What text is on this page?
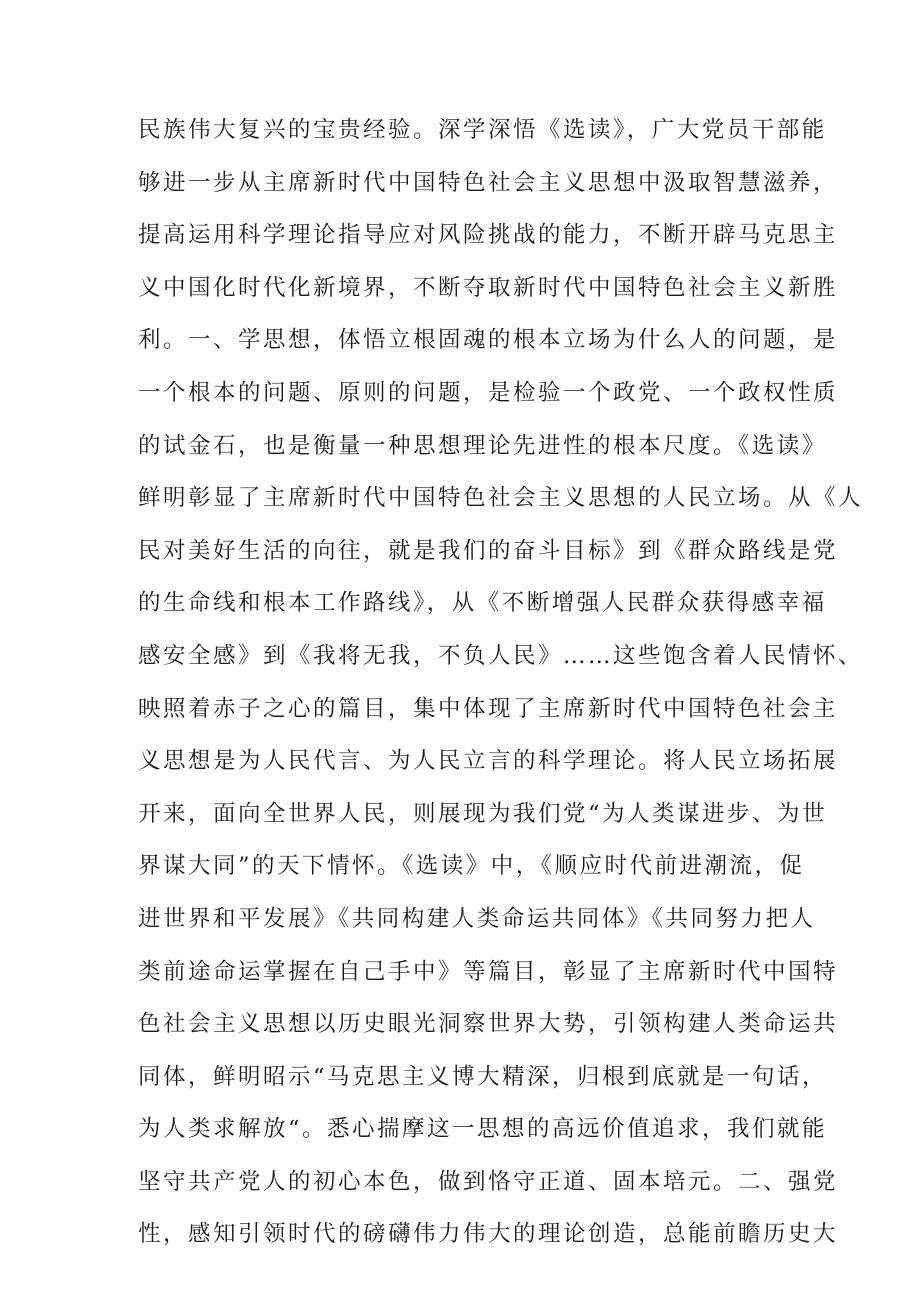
民族伟大复兴的宝贵经验。深学深悟《选读》，广大党员干部能
够进一步从主席新时代中国特色社会主义思想中汲取智慧滋养，
提高运用科学理论指导应对风险挑战的能力，不断开辟马克思主
义中国化时代化新境界，不断夺取新时代中国特色社会主义新胜
利。一、学思想，体悟立根固魂的根本立场为什么人的问题，是
一个根本的问题、原则的问题，是检验一个政党、一个政权性质
的试金石，也是衡量一种思想理论先进性的根本尺度。《选读》
鲜明彰显了主席新时代中国特色社会主义思想的人民立场。从《人
民对美好生活的向往，就是我们的奋斗目标》到《群众路线是党
的生命线和根本工作路线》，从《不断增强人民群众获得感幸福
感安全感》到《我将无我，不负人民》……这些饱含着人民情怀、
映照着赤子之心的篇目，集中体现了主席新时代中国特色社会主
义思想是为人民代言、为人民立言的科学理论。将人民立场拓展
开来，面向全世界人民，则展现为我们党“为人类谋进步、为世
界谋大同”的天下情怀。《选读》中，《顺应时代前进潮流，促
进世界和平发展》《共同构建人类命运共同体》《共同努力把人
类前途命运掌握在自己手中》等篇目，彰显了主席新时代中国特
色社会主义思想以历史眼光洞察世界大势，引领构建人类命运共
同体，鲜明昭示“马克思主义博大精深，归根到底就是一句话，
为人类求解放“。悉心揣摩这一思想的高远价值追求，我们就能
坚守共产党人的初心本色，做到恪守正道、固本培元。二、强党
性，感知引领时代的磅礴伟力伟大的理论创造，总能前瞻历史大
